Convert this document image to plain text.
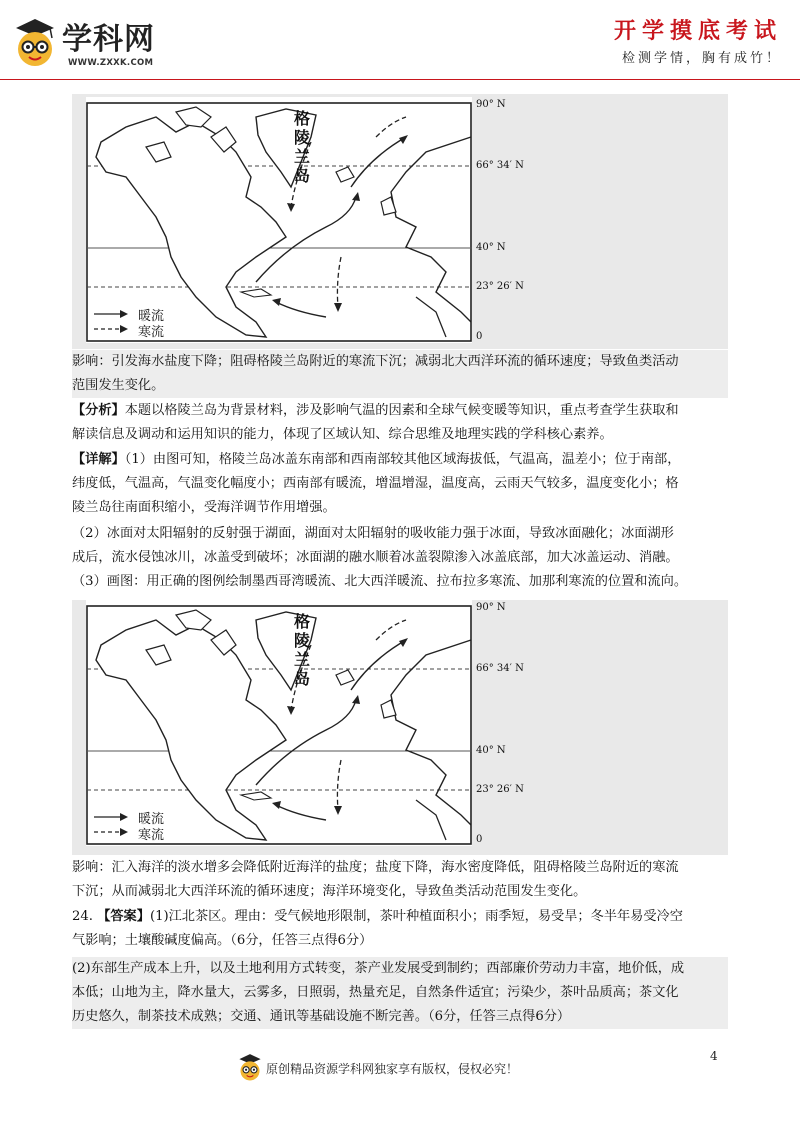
学科网
WWW.ZXXK.COM
开学摸底考试
检测学情，胸有成竹！
格
陵
兰
岛
暖流
寒流
90° N
66° 34′ N
40° N
23° 26′ N
0
影响：引发海水盐度下降；阻碍格陵兰岛附近的寒流下沉；减弱北大西洋环流的循环速度；导致鱼类活动
范围发生变化。
【分析】本题以格陵兰岛为背景材料，涉及影响气温的因素和全球气候变暖等知识，重点考查学生获取和
解读信息及调动和运用知识的能力，体现了区域认知、综合思维及地理实践的学科核心素养。
【详解】（1）由图可知，格陵兰岛冰盖东南部和西南部较其他区域海拔低，气温高，温差小；位于南部，
纬度低，气温高，气温变化幅度小；西南部有暖流，增温增湿，温度高，云雨天气较多，温度变化小；格
陵兰岛往南面积缩小，受海洋调节作用增强。
（2）冰面对太阳辐射的反射强于湖面，湖面对太阳辐射的吸收能力强于冰面，导致冰面融化；冰面湖形
成后，流水侵蚀冰川，冰盖受到破坏；冰面湖的融水顺着冰盖裂隙渗入冰盖底部，加大冰盖运动、消融。
（3）画图：用正确的图例绘制墨西哥湾暖流、北大西洋暖流、拉布拉多寒流、加那利寒流的位置和流向。
格
陵
兰
岛
暖流
寒流
90° N
66° 34′ N
40° N
23° 26′ N
0
影响：汇入海洋的淡水增多会降低附近海洋的盐度；盐度下降，海水密度降低，阻碍格陵兰岛附近的寒流
下沉；从而减弱北大西洋环流的循环速度；海洋环境变化，导致鱼类活动范围发生变化。
24. 【答案】(1)江北茶区。理由：受气候地形限制，茶叶种植面积小；雨季短，易受旱；冬半年易受冷空
气影响；土壤酸碱度偏高。（6分，任答三点得6分）
(2)东部生产成本上升，以及土地利用方式转变，茶产业发展受到制约；西部廉价劳动力丰富，地价低，成
本低；山地为主，降水量大，云雾多，日照弱，热量充足，自然条件适宜；污染少，茶叶品质高；茶文化
历史悠久，制茶技术成熟；交通、通讯等基础设施不断完善。（6分，任答三点得6分）
原创精品资源学科网独家享有版权，侵权必究！
4
